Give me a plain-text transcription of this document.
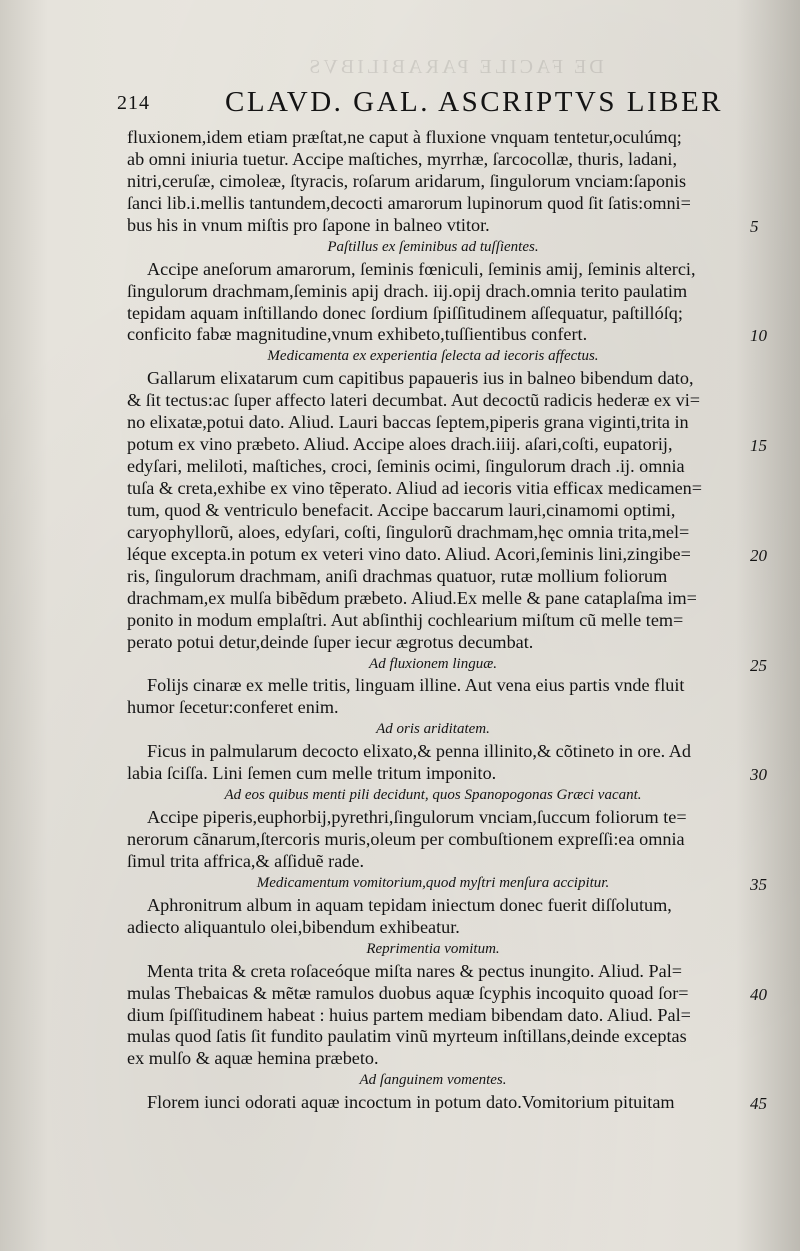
DE FACILE PARABILIBVS
214	CLAVD. GAL. ASCRIPTVS LIBER
fluxionem,idem etiam præſtat,ne caput à fluxione vnquam tentetur,oculúmq;
ab omni iniuria tuetur. Accipe maſtiches, myrrhæ, ſarcocollæ, thuris, ladani,
nitri,ceruſæ, cimoleæ, ſtyracis, roſarum aridarum, ſingulorum vnciam:ſaponis
ſanci lib.i.mellis tantundem,decocti amarorum lupinorum quod ſit ſatis:omni=
bus his in vnum miſtis pro ſapone in balneo vtitor.
Paſtillus ex ſeminibus ad tuſſientes.
Accipe aneſorum amarorum, ſeminis fœniculi, ſeminis amij, ſeminis alterci,
ſingulorum drachmam,ſeminis apij drach. iij.opij drach.omnia terito paulatim
tepidam aquam inſtillando donec ſordium ſpiſſitudinem aſſequatur, paſtillóſq;
conficito fabæ magnitudine,vnum exhibeto,tuſſientibus confert.
Medicamenta ex experientia ſelecta ad iecoris affectus.
Gallarum elixatarum cum capitibus papaueris ius in balneo bibendum dato,
& ſit tectus:ac ſuper affecto lateri decumbat. Aut decoctũ radicis hederæ ex vi=
no elixatæ,potui dato. Aliud. Lauri baccas ſeptem,piperis grana viginti,trita in
potum ex vino præbeto. Aliud. Accipe aloes drach.iiij. aſari,coſti, eupatorij,
edyſari, meliloti, maſtiches, croci, ſeminis ocimi, ſingulorum drach .ij. omnia
tuſa & creta,exhibe ex vino tẽperato. Aliud ad iecoris vitia efficax medicamen=
tum, quod & ventriculo benefacit. Accipe baccarum lauri,cinamomi optimi,
caryophyllorũ, aloes, edyſari, coſti, ſingulorũ drachmam,hęc omnia trita,mel=
léque excepta.in potum ex veteri vino dato. Aliud. Acori,ſeminis lini,zingibe=
ris, ſingulorum drachmam, aniſi drachmas quatuor, rutæ mollium foliorum
drachmam,ex mulſa bibẽdum præbeto. Aliud.Ex melle & pane cataplaſma im=
ponito in modum emplaſtri. Aut abſinthij cochlearium miſtum cũ melle tem=
perato potui detur,deinde ſuper iecur ægrotus decumbat.
Ad fluxionem linguæ.
Folijs cinaræ ex melle tritis, linguam illine. Aut vena eius partis vnde fluit
humor ſecetur:conferet enim.
Ad oris ariditatem.
Ficus in palmularum decocto elixato,& penna illinito,& cõtineto in ore. Ad
labia ſciſſa. Lini ſemen cum melle tritum imponito.
Ad eos quibus menti pili decidunt, quos Spanopogonas Græci vacant.
Accipe piperis,euphorbij,pyrethri,ſingulorum vnciam,ſuccum foliorum te=
nerorum cãnarum,ſtercoris muris,oleum per combuſtionem expreſſi:ea omnia
ſimul trita affrica,& aſſiduẽ rade.
Medicamentum vomitorium,quod myſtri menſura accipitur.
Aphronitrum album in aquam tepidam iniectum donec fuerit diſſolutum,
adiecto aliquantulo olei,bibendum exhibeatur.
Reprimentia vomitum.
Menta trita & creta roſaceóque miſta nares & pectus inungito. Aliud. Pal=
mulas Thebaicas & mẽtæ ramulos duobus aquæ ſcyphis incoquito quoad ſor=
dium ſpiſſitudinem habeat : huius partem mediam bibendam dato. Aliud. Pal=
mulas quod ſatis ſit fundito paulatim vinũ myrteum inſtillans,deinde exceptas
ex mulſo & aquæ hemina præbeto.
Ad ſanguinem vomentes.
Florem iunci odorati aquæ incoctum in potum dato.Vomitorium pituitam
5
10
15
20
25
30
35
40
45
